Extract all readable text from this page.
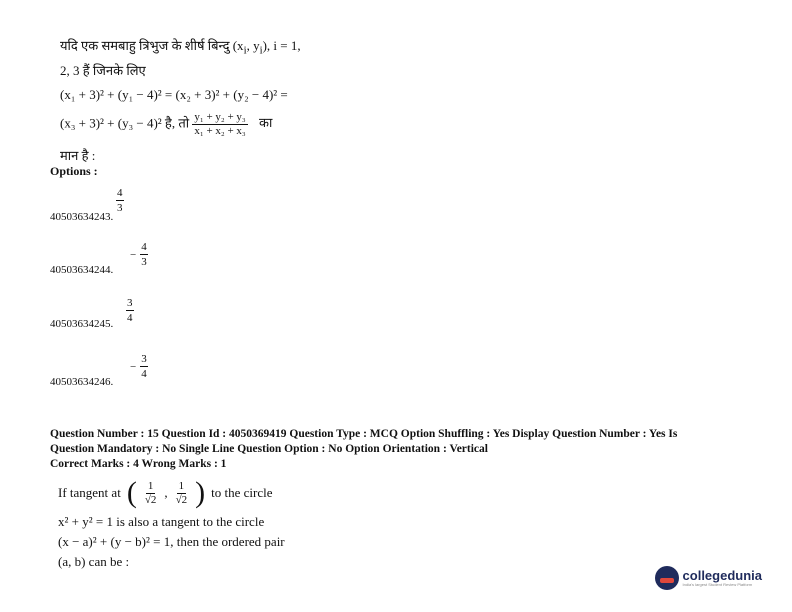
यदि एक समबाहु त्रिभुज के शीर्ष बिन्दु ($x_i$, $y_i$), i = 1,
2, 3 हैं जिनके लिए
(x₁ + 3)² + (y₁ − 4)² = (x₂ + 3)² + (y₂ − 4)² =
(x₃ + 3)² + (y₃ − 4)² है, तो $\frac{\text{y₁ + y₂ + y₃}}{\text{x₁ + x₂ + x₃}}$ का
मान है :
Options :
40503634243.
$\frac{4}{3}$
40503634244.
− $\frac{4}{3}$
40503634245. $\frac{3}{4}$
40503634246.
− $\frac{3}{4}$
Question Number : 15 Question Id : 4050369419 Question Type : MCQ Option Shuffling : Yes Display Question Number : Yes Is
Question Mandatory : No Single Line Question Option : No Option Orientation : Vertical
Correct Marks : 4 Wrong Marks : 1
If tangent at ( $\frac{1}{√2}$ , $\frac{1}{√2}$ ) to the circle
x² + y² = 1 is also a tangent to the circle
(x − a)² + (y − b)² = 1, then the ordered pair
(a, b) can be :
collegedunia
India's largest Student Review Platform
